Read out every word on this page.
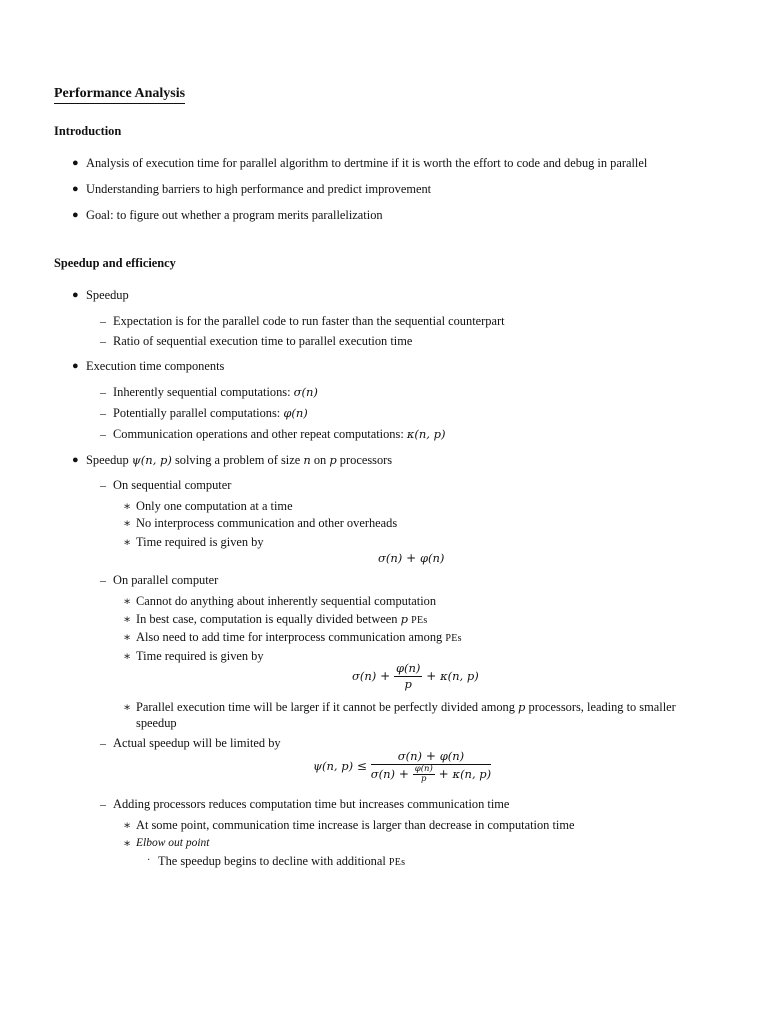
Performance Analysis
Introduction
● Analysis of execution time for parallel algorithm to dertmine if it is worth the effort to code and debug in parallel
● Understanding barriers to high performance and predict improvement
● Goal: to figure out whether a program merits parallelization
Speedup and efficiency
● Speedup
– Expectation is for the parallel code to run faster than the sequential counterpart
– Ratio of sequential execution time to parallel execution time
● Execution time components
– Inherently sequential computations: σ(n)
– Potentially parallel computations: φ(n)
– Communication operations and other repeat computations: κ(n, p)
● Speedup ψ(n, p) solving a problem of size n on p processors
– On sequential computer
∗ Only one computation at a time
∗ No interprocess communication and other overheads
∗ Time required is given by
σ(n) + φ(n)
– On parallel computer
∗ Cannot do anything about inherently sequential computation
∗ In best case, computation is equally divided between p PEs
∗ Also need to add time for interprocess communication among PEs
∗ Time required is given by
$\sigma(n) + \frac{\varphi(n)}{p} + \kappa(n$, p)
∗ Parallel execution time will be larger if it cannot be perfectly divided among p processors, leading to smaller
speedup
– Actual speedup will be limited by
ψ(n, $p) \le \frac{\sigma(n) + \varphi(n)}{\sigma(n) + \frac{\varphi(n)}{p} + \kappa(n, p)}$
– Adding processors reduces computation time but increases communication time
∗ At some point, communication time increase is larger than decrease in computation time
∗ Elbow out point
· The speedup begins to decline with additional PEs
